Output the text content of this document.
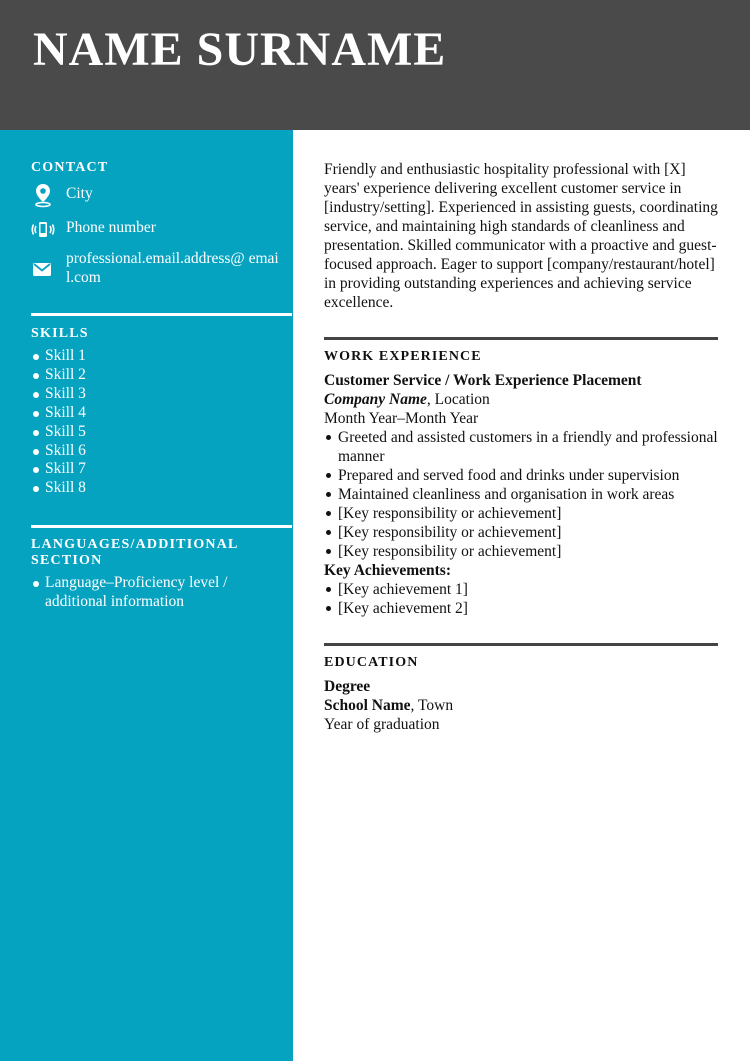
NAME SURNAME
CONTACT
City
Phone number
professional.email.address@ email.com
SKILLS
Skill 1
Skill 2
Skill 3
Skill 4
Skill 5
Skill 6
Skill 7
Skill 8
LANGUAGES/ADDITIONAL SECTION
Language–Proficiency level / additional information

Friendly and enthusiastic hospitality professional with [X] years' experience delivering excellent customer service in [industry/setting]. Experienced in assisting guests, coordinating service, and maintaining high standards of cleanliness and presentation. Skilled communicator with a proactive and guest-focused approach. Eager to support [company/restaurant/hotel] in providing outstanding experiences and achieving service excellence.

WORK EXPERIENCE
Customer Service / Work Experience Placement
Company Name, Location
Month Year–Month Year
Greeted and assisted customers in a friendly and professional manner
Prepared and served food and drinks under supervision
Maintained cleanliness and organisation in work areas
[Key responsibility or achievement]
[Key responsibility or achievement]
[Key responsibility or achievement]
Key Achievements:
[Key achievement 1]
[Key achievement 2]
EDUCATION
Degree
School Name, Town
Year of graduation
